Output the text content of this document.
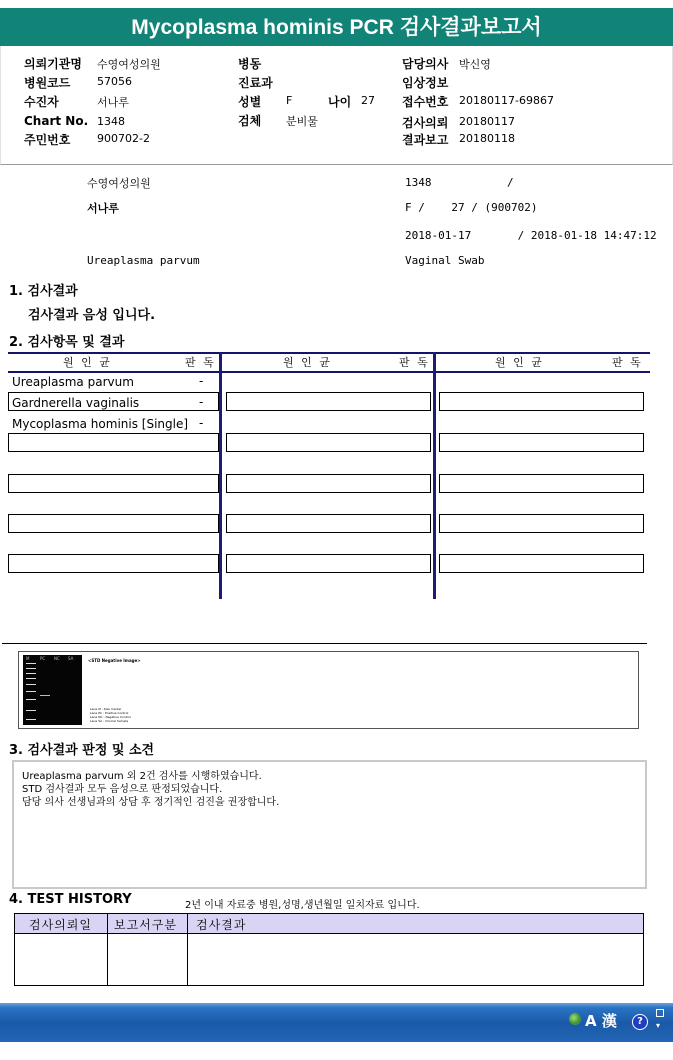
Mycoplasma hominis PCR 검사결과보고서
의뢰기관명 수영여성의원
병원코드 57056
수진자	서나루
Chart No. 1348
주민번호 900702-2
병동
진료과
성별 F	나이 27
검체 분비물
담당의사 박신영
임상정보
접수번호 20180117-69867
검사의뢰 20180117
결과보고 20180118
수영여성의원	1348	/
서나루	F /    27 / (900702)
2018-01-17       / 2018-01-18 14:47:12
Ureaplasma parvum	Vaginal Swab
1. 검사결과
검사결과 음성 입니다.
2. 검사항목 및 결과
원 인 균	판 독	원 인 균	판 독	원 인 균	판 독
Ureaplasma parvum	-
Gardnerella vaginalis	-
Mycoplasma hominis [Single] -
M	PC NC SA	<STD Negative Image>
Lane M : Size marker
Lane PC : Positive Control
Lane NC : Negative Control
Lane SA : Clinical Sample
3. 검사결과 판정 및 소견
Ureaplasma parvum 외 2건 검사를 시행하였습니다.
STD 검사결과 모두 음성으로 판정되었습니다.
담당 의사 선생님과의 상담 후 정기적인 검진을 권장합니다.
4. TEST HISTORY	2년 이내 자료중 병원,성명,생년월일 일치자료 입니다.
검사의뢰일 보고서구분 검사결과
A 漢	?	▾
